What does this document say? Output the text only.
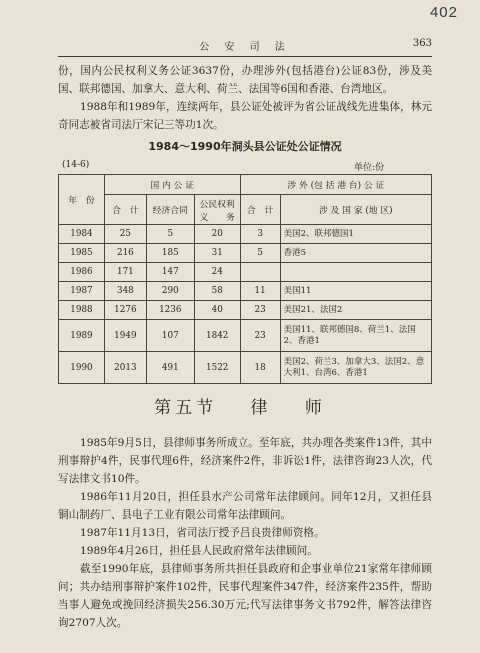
402
公 安 司 法	363

份，国内公民权利义务公证3637份，办理涉外(包括港台)公证83份，涉及美国、联邦德国、加拿大、意大利、荷兰、法国等6国和香港、台湾地区。

1988年和1989年，连续两年，县公证处被评为省公证战线先进集体，林元奇同志被省司法厅宋记三等功1次。

1984～1990年洞头县公证处公证情况
(14-6)	单位:份
年　份	国 内 公 证			涉 外 (包 括 港 台) 公 证	
	合　计	经济合同	公民权利义　　务	合　计	涉 及 国 家 (地 区)
1984	25	5	20	3	美国2、联邦德国1
1985	216	185	31	5	香港5
1986	171	147	24		
1987	348	290	58	11	美国11
1988	1276	1236	40	23	美国21、法国2
1989	1949	107	1842	23	美国11、联邦德国8、荷兰1、法国2、香港1
1990	2013	491	1522	18	美国2、荷兰3、加拿大3、法国2、意大利1、台湾6、香港1
第五节 律 师

1985年9月5日，县律师事务所成立。至年底，共办理各类案件13件，其中刑事辩护4件，民事代理6件，经济案件2件，非诉讼1件，法律咨询23人次，代写法律文书10件。

1986年11月20日，担任县水产公司常年法律顾问。同年12月，又担任县铜山制药厂、县电子工业有限公司常年法律顾问。

1987年11月13日，省司法厅授予吕良贵律师资格。

1989年4月26日，担任县人民政府常年法律顾问。

截至1990年底，县律师事务所共担任县政府和企事业单位21家常年律师顾问；共办结刑事辩护案件102件，民事代理案件347件，经济案件235件，帮助当事人避免或挽回经济损失256.30万元;代写法律事务文书792件，解答法律咨询2707人次。
